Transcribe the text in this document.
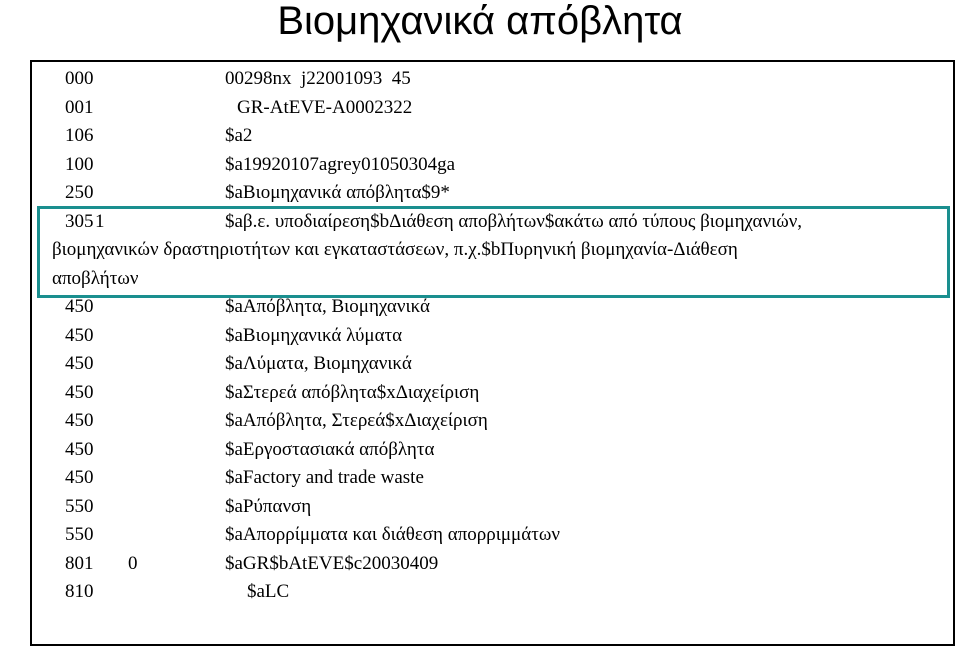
Βιομηχανικά απόβλητα
000	00298nx  j22001093  45
001	GR-AtEVE-A0002322
106	$a2
100	$a19920107agrey01050304ga
250	$aΒιομηχανικά απόβλητα$9*
305 1	$aβ.ε. υποδιαίρεση$bΔιάθεση αποβλήτων$ακάτω από τύπους βιομηχανιών,
βιομηχανικών δραστηριοτήτων και εγκαταστάσεων, π.χ.$bΠυρηνική βιομηχανία-Διάθεση
αποβλήτων
450	$aΑπόβλητα, Βιομηχανικά
450	$aΒιομηχανικά λύματα
450	$aΛύματα, Βιομηχανικά
450	$aΣτερεά απόβλητα$xΔιαχείριση
450	$aΑπόβλητα, Στερεά$xΔιαχείριση
450	$aΕργοστασιακά απόβλητα
450	$aFactory and trade waste
550	$aΡύπανση
550	$aΑπορρίμματα και διάθεση απορριμμάτων
801 0	$aGR$bAtEVE$c20030409
810	$aLC
